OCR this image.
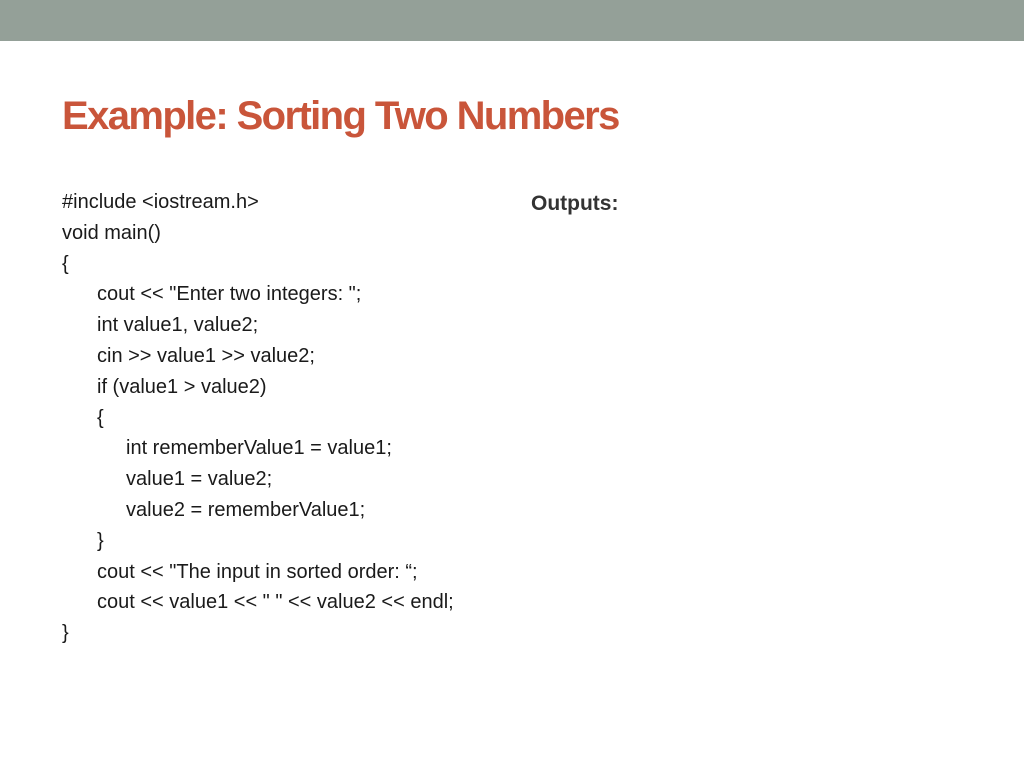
Example: Sorting Two Numbers
#include <iostream.h>
void main()
{
cout << "Enter two integers: ";
int value1, value2;
cin >> value1 >> value2;
if (value1 > value2)
{
int rememberValue1 = value1;
value1 = value2;
value2 = rememberValue1;
}
cout << "The input in sorted order: “;
cout << value1 << " " << value2 << endl;
}
Outputs:
